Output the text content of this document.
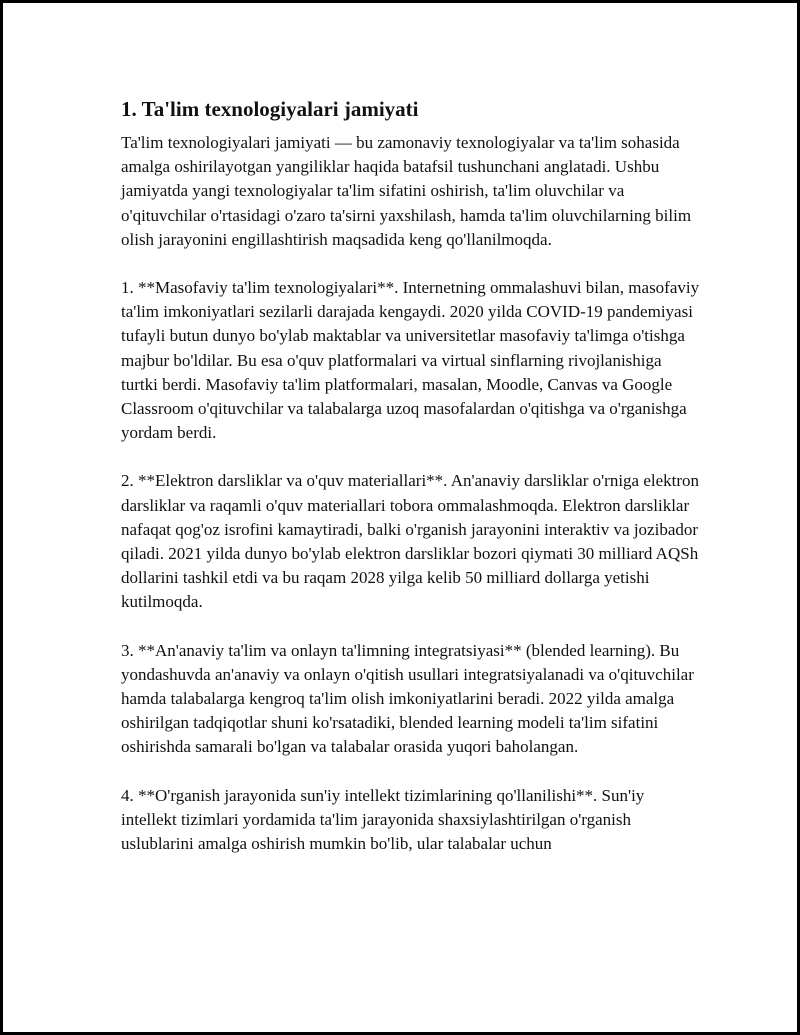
1. Ta'lim texnologiyalari jamiyati

Ta'lim texnologiyalari jamiyati — bu zamonaviy texnologiyalar va ta'lim sohasida amalga oshirilayotgan yangiliklar haqida batafsil tushunchani anglatadi. Ushbu jamiyatda yangi texnologiyalar ta'lim sifatini oshirish, ta'lim oluvchilar va o'qituvchilar o'rtasidagi o'zaro ta'sirni yaxshilash, hamda ta'lim oluvchilarning bilim olish jarayonini engillashtirish maqsadida keng qo'llanilmoqda.

1. **Masofaviy ta'lim texnologiyalari**. Internetning ommalashuvi bilan, masofaviy ta'lim imkoniyatlari sezilarli darajada kengaydi. 2020 yilda COVID-19 pandemiyasi tufayli butun dunyo bo'ylab maktablar va universitetlar masofaviy ta'limga o'tishga majbur bo'ldilar. Bu esa o'quv platformalari va virtual sinflarning rivojlanishiga turtki berdi. Masofaviy ta'lim platformalari, masalan, Moodle, Canvas va Google Classroom o'qituvchilar va talabalarga uzoq masofalardan o'qitishga va o'rganishga yordam berdi.

2. **Elektron darsliklar va o'quv materiallari**. An'anaviy darsliklar o'rniga elektron darsliklar va raqamli o'quv materiallari tobora ommalashmoqda. Elektron darsliklar nafaqat qog'oz isrofini kamaytiradi, balki o'rganish jarayonini interaktiv va jozibador qiladi. 2021 yilda dunyo bo'ylab elektron darsliklar bozori qiymati 30 milliard AQSh dollarini tashkil etdi va bu raqam 2028 yilga kelib 50 milliard dollarga yetishi kutilmoqda.

3. **An'anaviy ta'lim va onlayn ta'limning integratsiyasi** (blended learning). Bu yondashuvda an'anaviy va onlayn o'qitish usullari integratsiyalanadi va o'qituvchilar hamda talabalarga kengroq ta'lim olish imkoniyatlarini beradi. 2022 yilda amalga oshirilgan tadqiqotlar shuni ko'rsatadiki, blended learning modeli ta'lim sifatini oshirishda samarali bo'lgan va talabalar orasida yuqori baholangan.

4. **O'rganish jarayonida sun'iy intellekt tizimlarining qo'llanilishi**. Sun'iy intellekt tizimlari yordamida ta'lim jarayonida shaxsiylashtirilgan o'rganish uslublarini amalga oshirish mumkin bo'lib, ular talabalar uchun
